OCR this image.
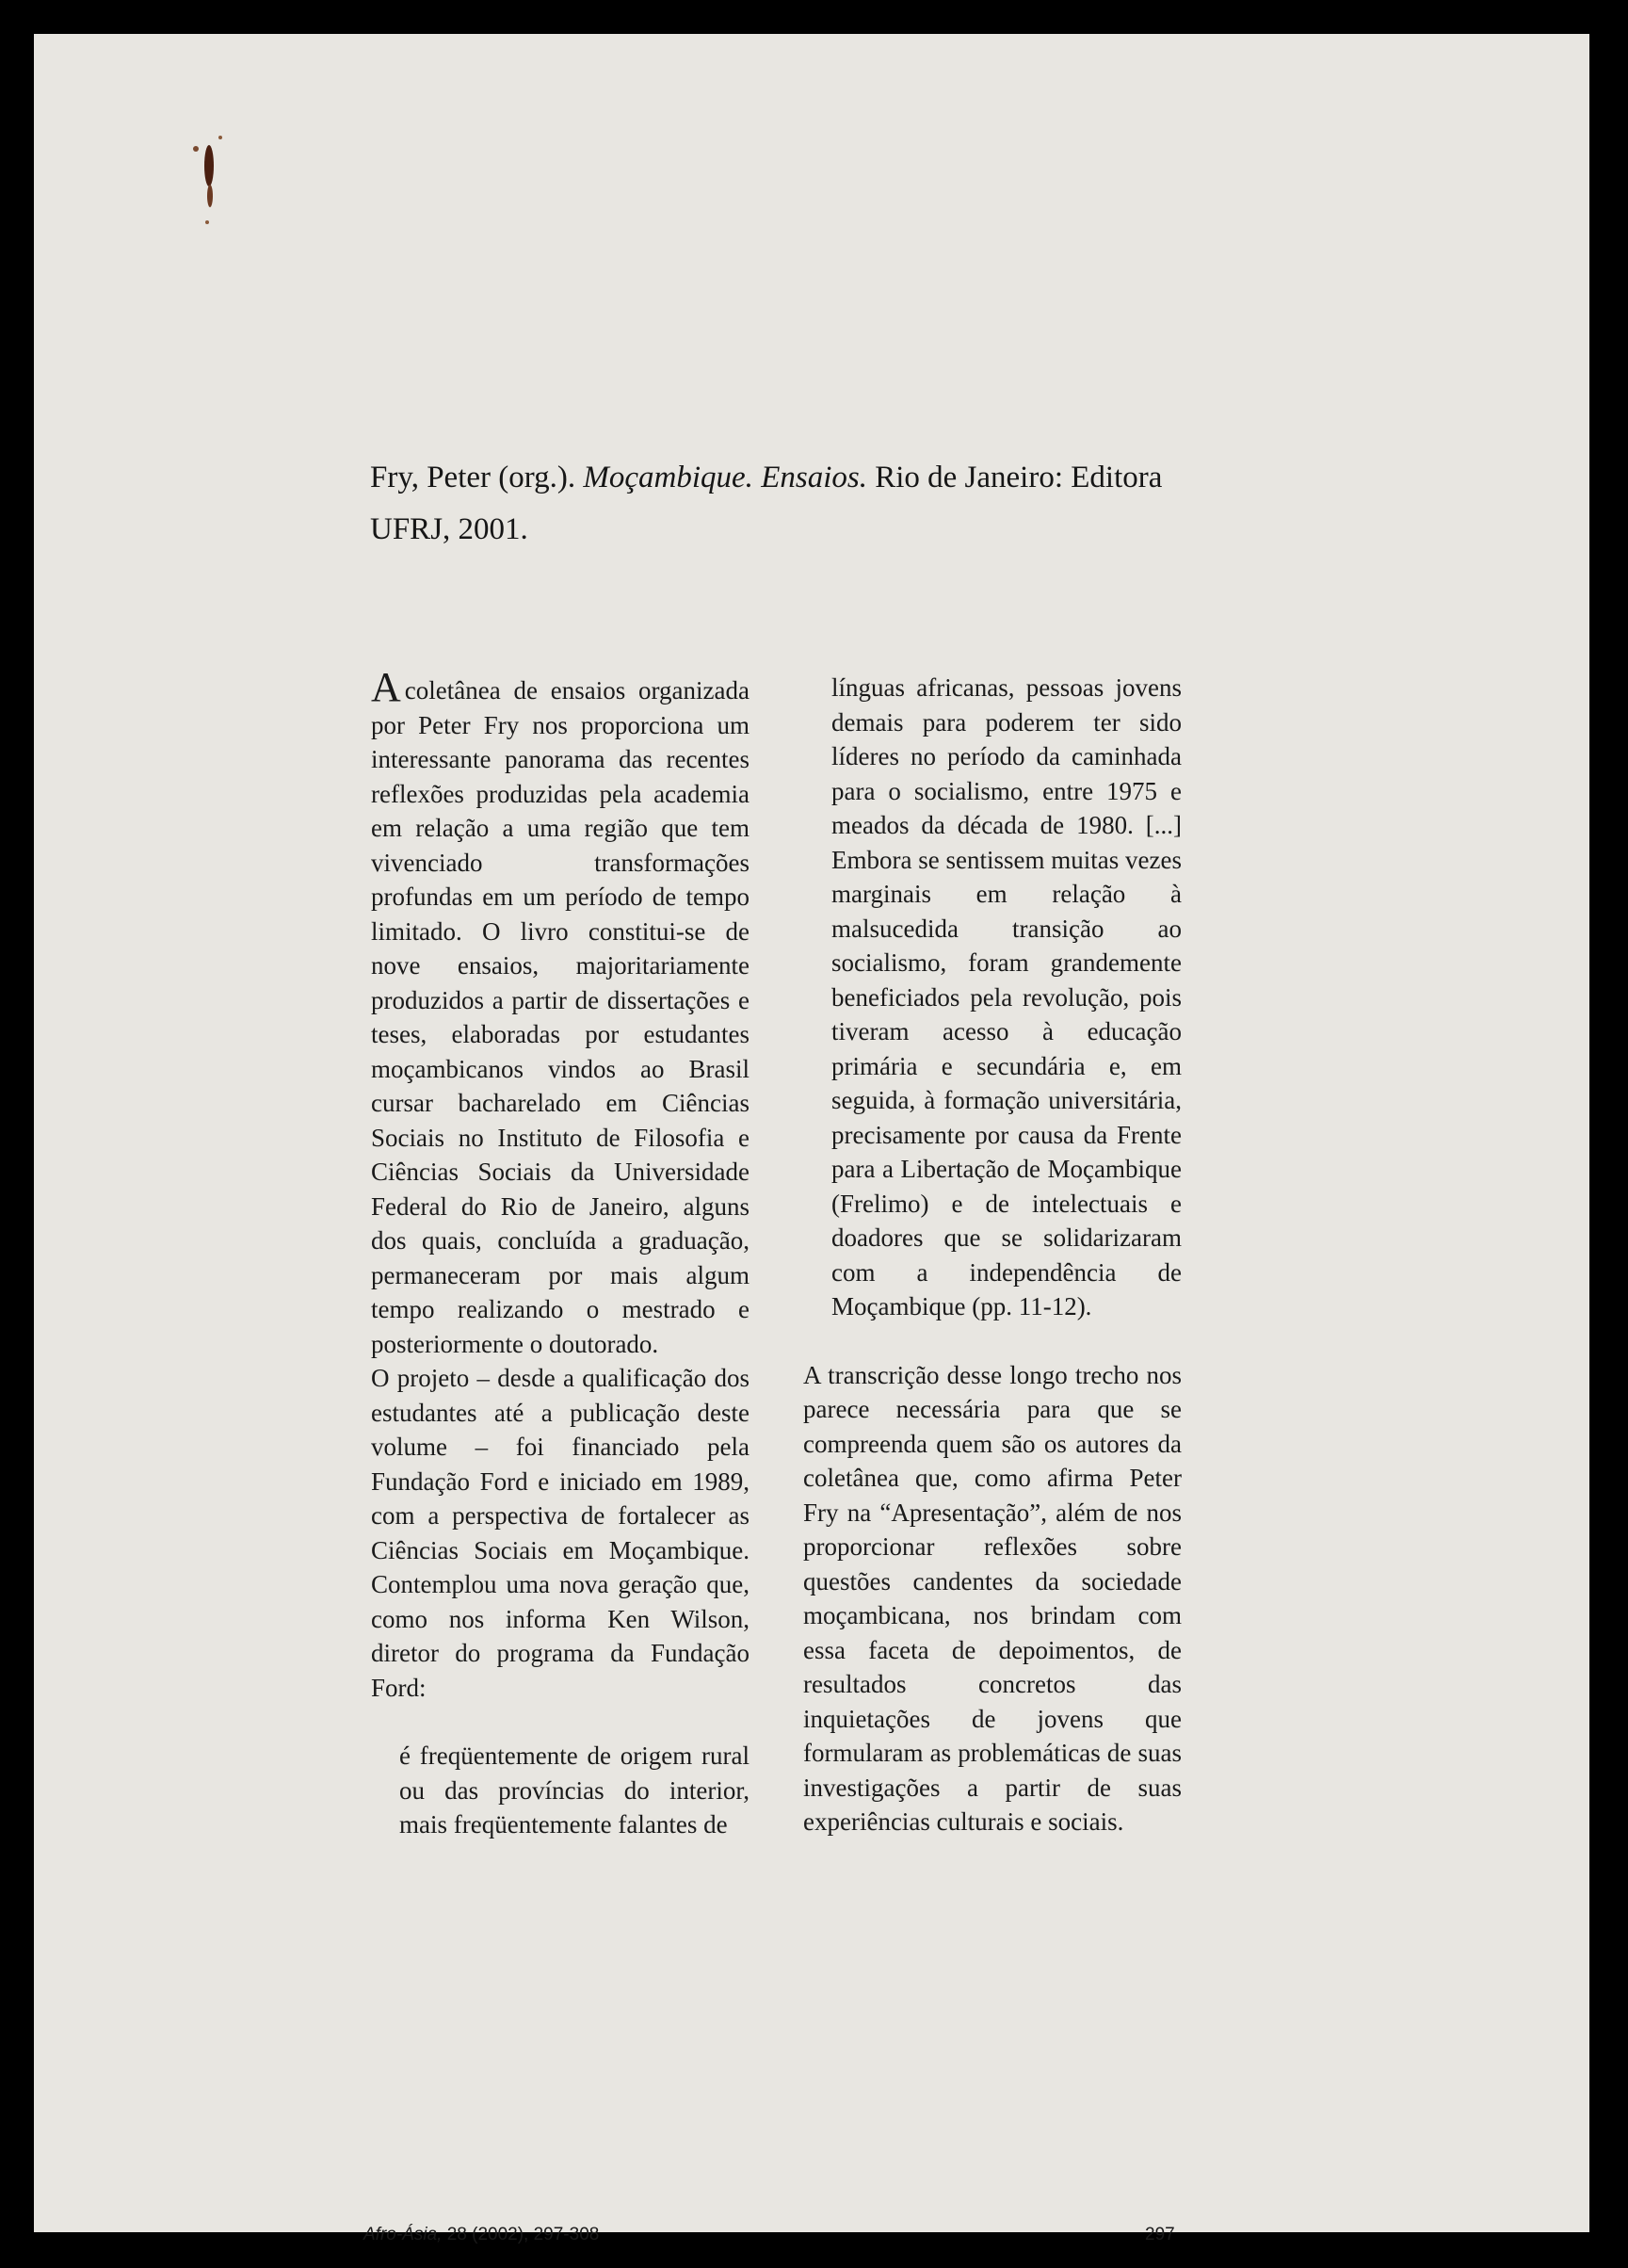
Fry, Peter (org.). Moçambique. Ensaios. Rio de Janeiro: Editora UFRJ, 2001.

Acoletânea de ensaios organizada por Peter Fry nos proporciona um interessante panorama das recentes reflexões produzidas pela academia em relação a uma região que tem vivenciado transformações profundas em um período de tempo limitado. O livro constitui-se de nove ensaios, majoritariamente produzidos a partir de dissertações e teses, elaboradas por estudantes moçambicanos vindos ao Brasil cursar bacharelado em Ciências Sociais no Instituto de Filosofia e Ciências Sociais da Universidade Federal do Rio de Janeiro, alguns dos quais, concluída a graduação, permaneceram por mais algum tempo realizando o mestrado e posteriormente o doutorado.

O projeto – desde a qualificação dos estudantes até a publicação deste volume – foi financiado pela Fundação Ford e iniciado em 1989, com a perspectiva de fortalecer as Ciências Sociais em Moçambique. Contemplou uma nova geração que, como nos informa Ken Wilson, diretor do programa da Fundação Ford:

é freqüentemente de origem rural ou das províncias do interior, mais freqüentemente falantes de

línguas africanas, pessoas jovens demais para poderem ter sido líderes no período da caminhada para o socialismo, entre 1975 e meados da década de 1980. [...] Embora se sentissem muitas vezes marginais em relação à malsucedida transição ao socialismo, foram grandemente beneficiados pela revolução, pois tiveram acesso à educação primária e secundária e, em seguida, à formação universitária, precisamente por causa da Frente para a Libertação de Moçambique (Frelimo) e de intelectuais e doadores que se solidarizaram com a independência de Moçambique (pp. 11-12).

A transcrição desse longo trecho nos parece necessária para que se compreenda quem são os autores da coletânea que, como afirma Peter Fry na “Apresentação”, além de nos proporcionar reflexões sobre questões candentes da sociedade moçambicana, nos brindam com essa faceta de depoimentos, de resultados concretos das inquietações de jovens que formularam as problemáticas de suas investigações a partir de suas experiências culturais e sociais.

Afro-Ásia, 28 (2002), 297-308	297
